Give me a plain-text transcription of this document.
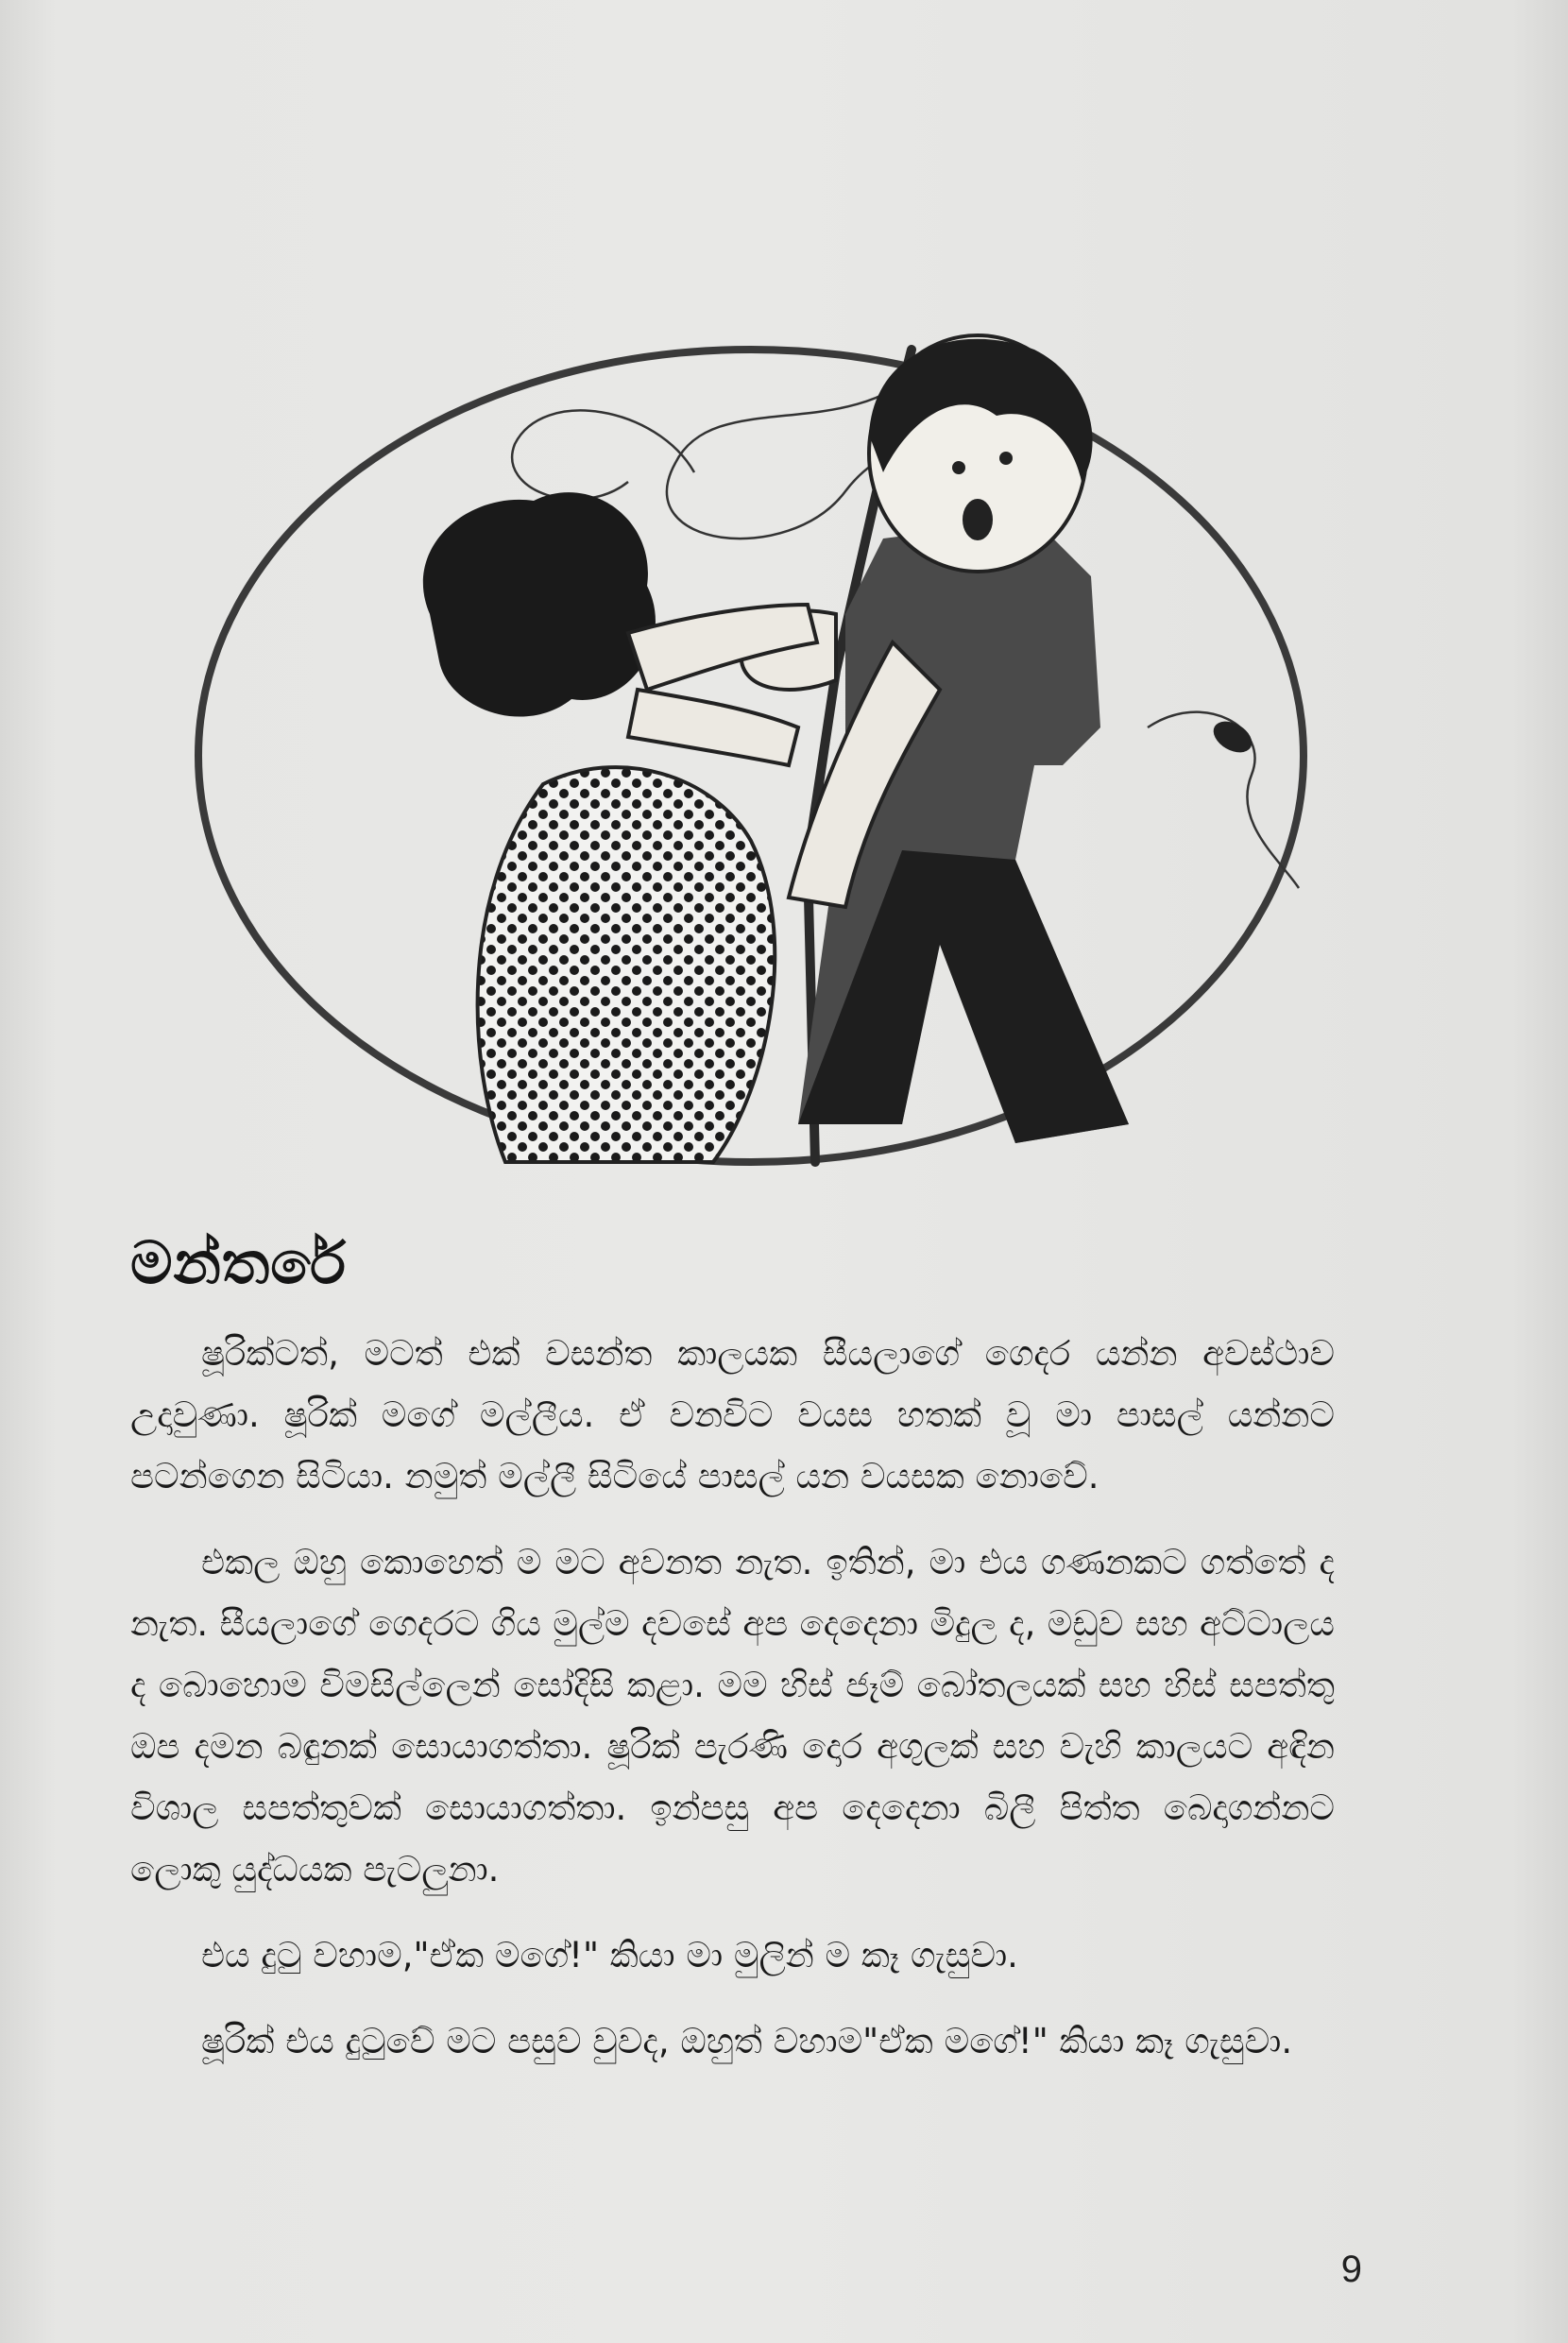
මන්තරේ

ෂූරික්ටත්, මටත් එක් වසන්ත කාලයක සීයලාගේ ගෙදර යන්න අවස්ථාව උදාවුණා. ෂූරික් මගේ මල්ලීය. ඒ වනවිට වයස හතක් වූ මා පාසල් යන්නට පටන්ගෙන සිටියා. නමුත් මල්ලී සිටියේ පාසල් යන වයසක නොවේ.

එකල ඔහු කොහෙත් ම මට අවනත නැත. ඉතින්, මා එය ගණනකට ගත්තේ ද නැත. සීයලාගේ ගෙදරට ගිය මුල්ම දවසේ අප දෙදෙනා මිදුල ද, මඩුව සහ අට්ටාලය ද බොහොම විමසිල්ලෙන් සෝදිසි කළා. මම හිස් ජෑම් බෝතලයක් සහ හිස් සපත්තු ඔප දමන බඳුනක් සොයාගත්තා. ෂූරික් පැරණි දොර අගුලක් සහ වැහි කාලයට අඳින විශාල සපත්තුවක් සොයාගත්තා. ඉන්පසු අප දෙදෙනා බිලී පිත්ත බෙදාගන්නට ලොකු යුද්ධයක පැටලුනා.

එය දුටු වහාම,"ඒක මගේ!" කියා මා මුලින් ම කෑ ගැසුවා.

ෂූරික් එය දුටුවේ මට පසුව වුවද, ඔහුත් වහාම"ඒක මගේ!" කියා කෑ ගැසුවා.

9
